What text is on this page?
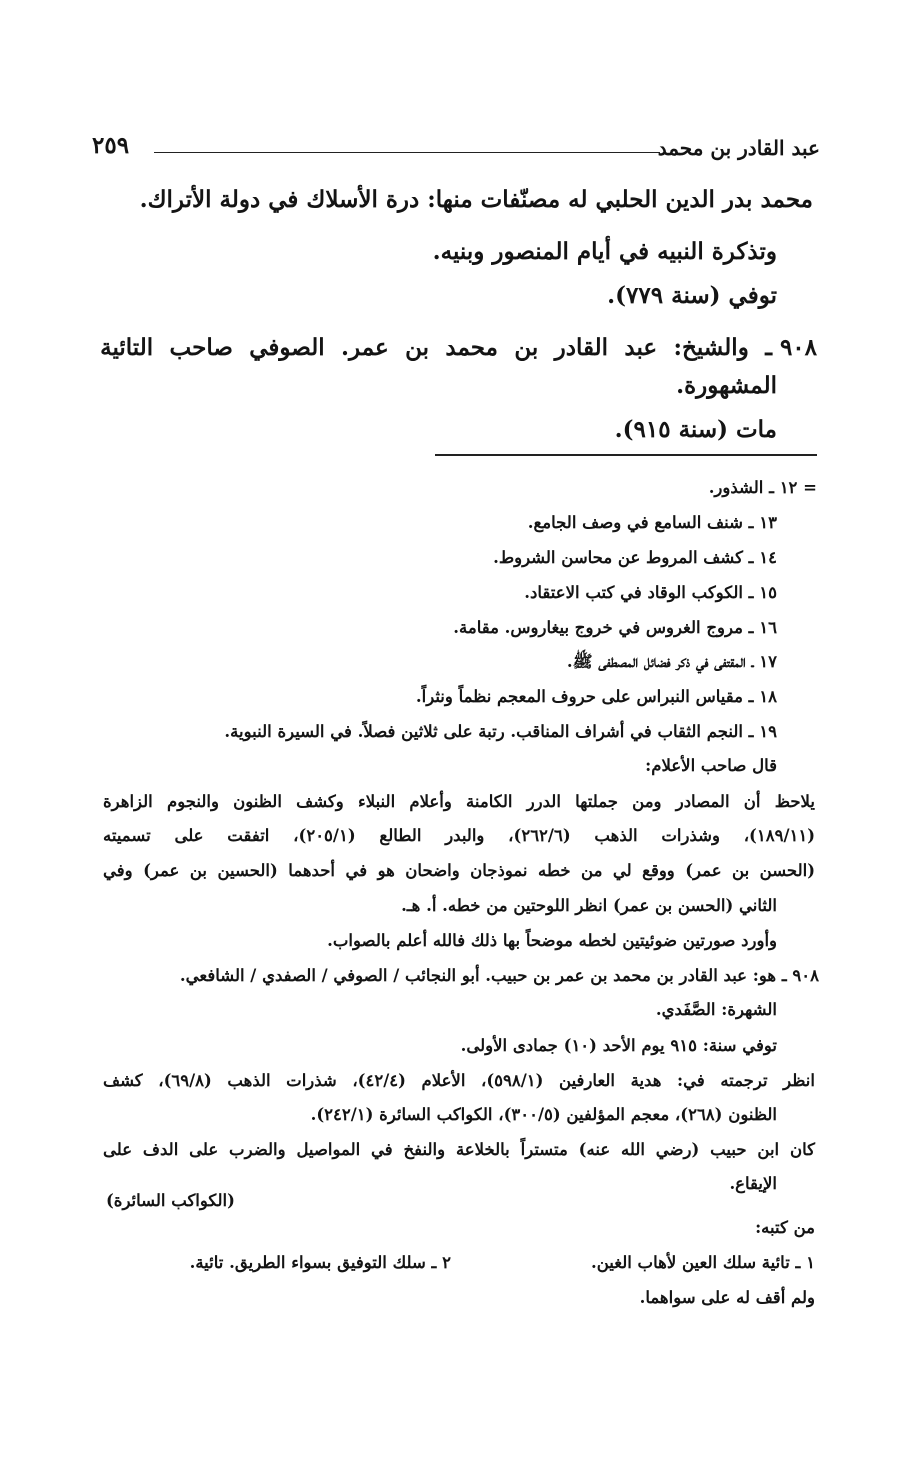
عبد القادر بن محمد
٢٥٩
محمد بدر الدين الحلبي له مصنّفات منها: درة الأسلاك في دولة الأتراك.
وتذكرة النبيه في أيام المنصور وبنيه.
توفي (سنة ٧٧٩).
٩٠٨ ـ
والشيخ:
عبد
القادر
بن
محمد
بن
عمر.
الصوفي
صاحب
التائية
المشهورة.
مات (سنة ٩١٥).
= ١٢ ـ الشذور.
١٣ ـ شنف السامع في وصف الجامع.
١٤ ـ كشف المروط عن محاسن الشروط.
١٥ ـ الكوكب الوقاد في كتب الاعتقاد.
١٦ ـ مروج الغروس في خروج بيغاروس. مقامة.
١٧ ـ المقتفى في ذكر فضائل المصطفى ﷺ.
١٨ ـ مقياس النبراس على حروف المعجم نظماً ونثراً.
١٩ ـ النجم الثقاب في أشراف المناقب. رتبة على ثلاثين فصلاً. في السيرة النبوية.
قال صاحب الأعلام:
يلاحظ أن المصادر ومن جملتها الدرر الكامنة وأعلام النبلاء وكشف الظنون والنجوم الزاهرة
(١٨٩/١١)، وشذرات الذهب (٢٦٢/٦)، والبدر الطالع (٢٠٥/١)، اتفقت على تسميته
(الحسن بن عمر) ووقع لي من خطه نموذجان واضحان هو في أحدهما (الحسين بن عمر) وفي
الثاني (الحسن بن عمر) انظر اللوحتين من خطه. أ. هـ.
وأورد صورتين ضوئيتين لخطه موضحاً بها ذلك فالله أعلم بالصواب.
٩٠٨ ـ هو: عبد القادر بن محمد بن عمر بن حبيب. أبو النجائب / الصوفي / الصفدي / الشافعي.
الشهرة: الصَّفَدي.
توفي سنة: ٩١٥ يوم الأحد (١٠) جمادى الأولى.
انظر ترجمته في: هدية العارفين (٥٩٨/١)، الأعلام (٤٢/٤)، شذرات الذهب (٦٩/٨)، كشف
الظنون (٢٦٨)، معجم المؤلفين (٣٠٠/٥)، الكواكب السائرة (٢٤٢/١).
كان ابن حبيب (رضي الله عنه) متستراً بالخلاعة والنفخ في المواصيل والضرب على الدف على
الإيقاع.
(الكواكب السائرة)
من كتبه:
١ ـ تائية سلك العين لأهاب الغين.
٢ ـ سلك التوفيق بسواء الطريق. تائية.
ولم أقف له على سواهما.
